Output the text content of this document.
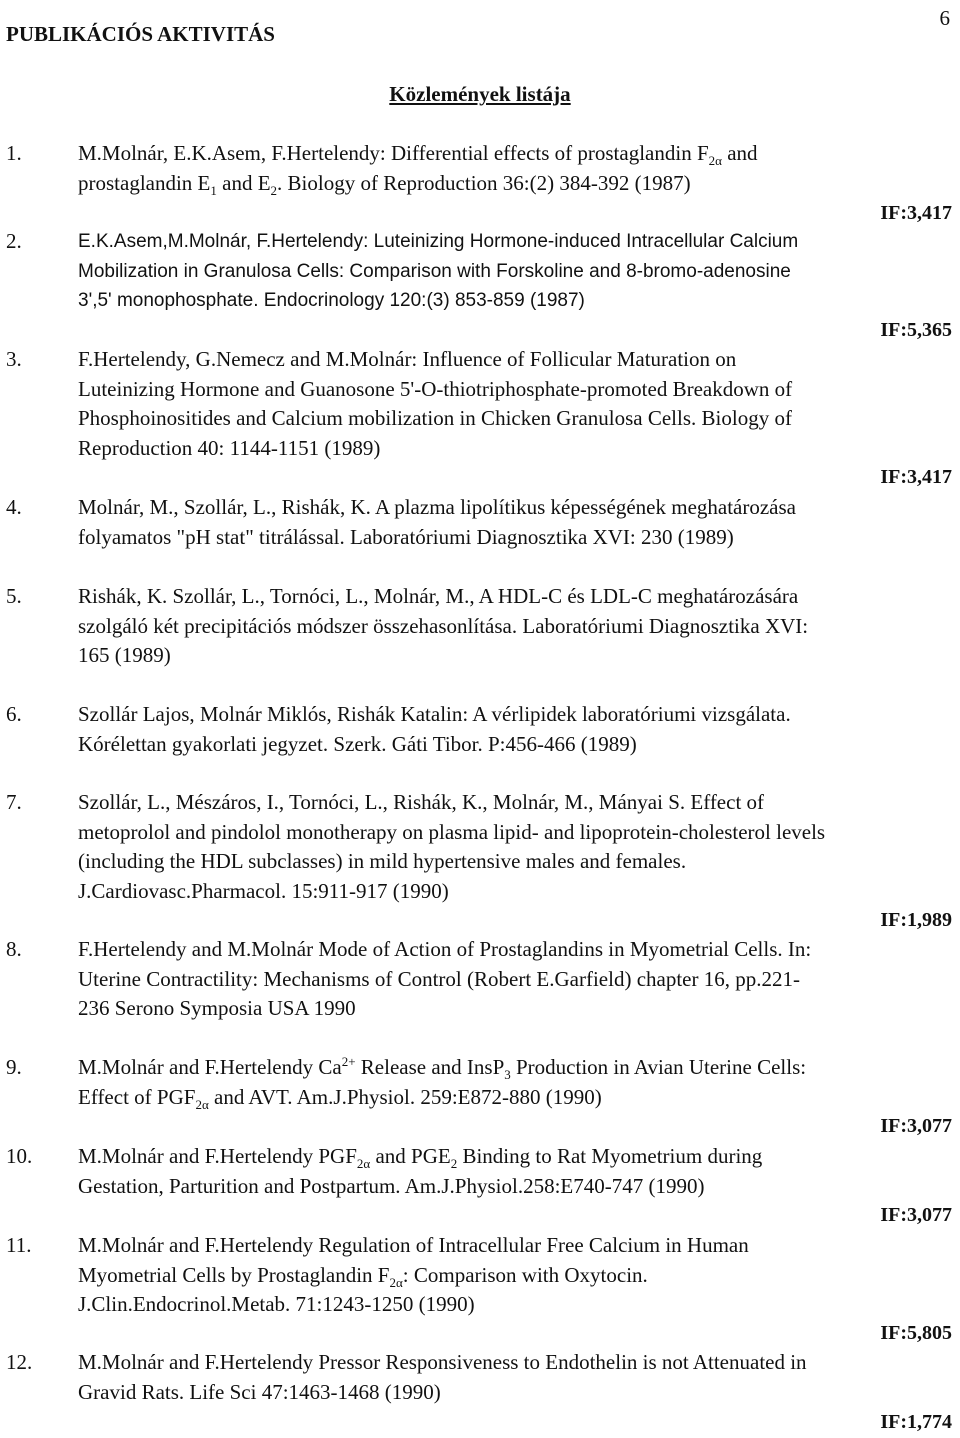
6
PUBLIKÁCIÓS AKTIVITÁS
Közlemények listája
1.	M.Molnár, E.K.Asem, F.Hertelendy: Differential effects of prostaglandin $F_{2\alpha}$ and
prostaglandin $E_1$ and $E_2$. Biology of Reproduction 36:(2) 384-392 (1987)
IF:3,417
2.	E.K.Asem,M.Molnár, F.Hertelendy: Luteinizing Hormone-induced Intracellular Calcium
Mobilization in Granulosa Cells: Comparison with Forskoline and 8-bromo-adenosine
3',5' monophosphate. Endocrinology 120:(3) 853-859 (1987)
IF:5,365
3.	F.Hertelendy, G.Nemecz and M.Molnár: Influence of Follicular Maturation on
Luteinizing Hormone and Guanosone 5'-O-thiotriphosphate-promoted Breakdown of
Phosphoinositides and Calcium mobilization in Chicken Granulosa Cells. Biology of
Reproduction 40: 1144-1151 (1989)
IF:3,417
4.	Molnár, M., Szollár, L., Rishák, K. A plazma lipolítikus képességének meghatározása
folyamatos "pH stat" titrálással. Laboratóriumi Diagnosztika XVI: 230 (1989)
5.	Rishák, K. Szollár, L., Tornóci, L., Molnár, M., A HDL-C és LDL-C meghatározására
szolgáló két precipitációs módszer összehasonlítása. Laboratóriumi Diagnosztika XVI:
165 (1989)
6.	Szollár Lajos, Molnár Miklós, Rishák Katalin: A vérlipidek laboratóriumi vizsgálata.
Kórélettan gyakorlati jegyzet. Szerk. Gáti Tibor. P:456-466 (1989)
7.	Szollár, L., Mészáros, I., Tornóci, L., Rishák, K., Molnár, M., Mányai S. Effect of
metoprolol and pindolol monotherapy on plasma lipid- and lipoprotein-cholesterol levels
(including the HDL subclasses) in mild hypertensive males and females.
J.Cardiovasc.Pharmacol. 15:911-917 (1990)
IF:1,989
8.	F.Hertelendy and M.Molnár Mode of Action of Prostaglandins in Myometrial Cells. In:
Uterine Contractility: Mechanisms of Control (Robert E.Garfield) chapter 16, pp.221-
236 Serono Symposia USA 1990
9.	M.Molnár and F.Hertelendy $Ca^{2+}$ Release and InsP$_3$ Production in Avian Uterine Cells:
Effect of $PGF_{2\alpha}$ and AVT. Am.J.Physiol. 259:E872-880 (1990)
IF:3,077
10. M.Molnár and F.Hertelendy $PGF_{2\alpha}$ and $PGE_2$ Binding to Rat Myometrium during
Gestation, Parturition and Postpartum. Am.J.Physiol.258:E740-747 (1990)
IF:3,077
11. M.Molnár and F.Hertelendy Regulation of Intracellular Free Calcium in Human
Myometrial Cells by Prostaglandin $F_{2\alpha}$: Comparison with Oxytocin.
J.Clin.Endocrinol.Metab. 71:1243-1250 (1990)
IF:5,805
12. M.Molnár and F.Hertelendy Pressor Responsiveness to Endothelin is not Attenuated in
Gravid Rats. Life Sci 47:1463-1468 (1990)
IF:1,774
